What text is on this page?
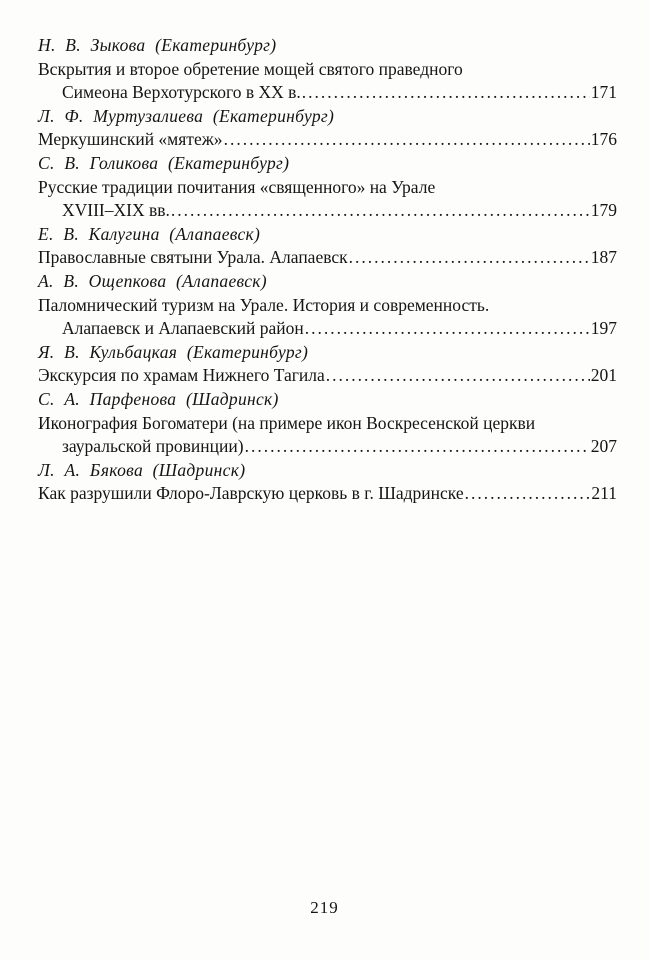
Н. В. Зыкова (Екатеринбург)
Вскрытия и второе обретение мощей святого праведного
Симеона Верхотурского в XX в. .....	171
Л. Ф. Муртузалиева (Екатеринбург)
Меркушинский «мятеж» .....	176
С. В. Голикова (Екатеринбург)
Русские традиции почитания «священного» на Урале
XVIII–XIX вв. .....	179
Е. В. Калугина (Алапаевск)
Православные святыни Урала. Алапаевск .....	187
А. В. Ощепкова (Алапаевск)
Паломнический туризм на Урале. История и современность.
Алапаевск и Алапаевский район .....	197
Я. В. Кульбацкая (Екатеринбург)
Экскурсия по храмам Нижнего Тагила .....	201
С. А. Парфенова (Шадринск)
Иконография Богоматери (на примере икон Воскресенской церкви
зауральской провинции) .....	207
Л. А. Бякова (Шадринск)
Как разрушили Флоро-Лаврскую церковь в г. Шадринске .....	211
219
